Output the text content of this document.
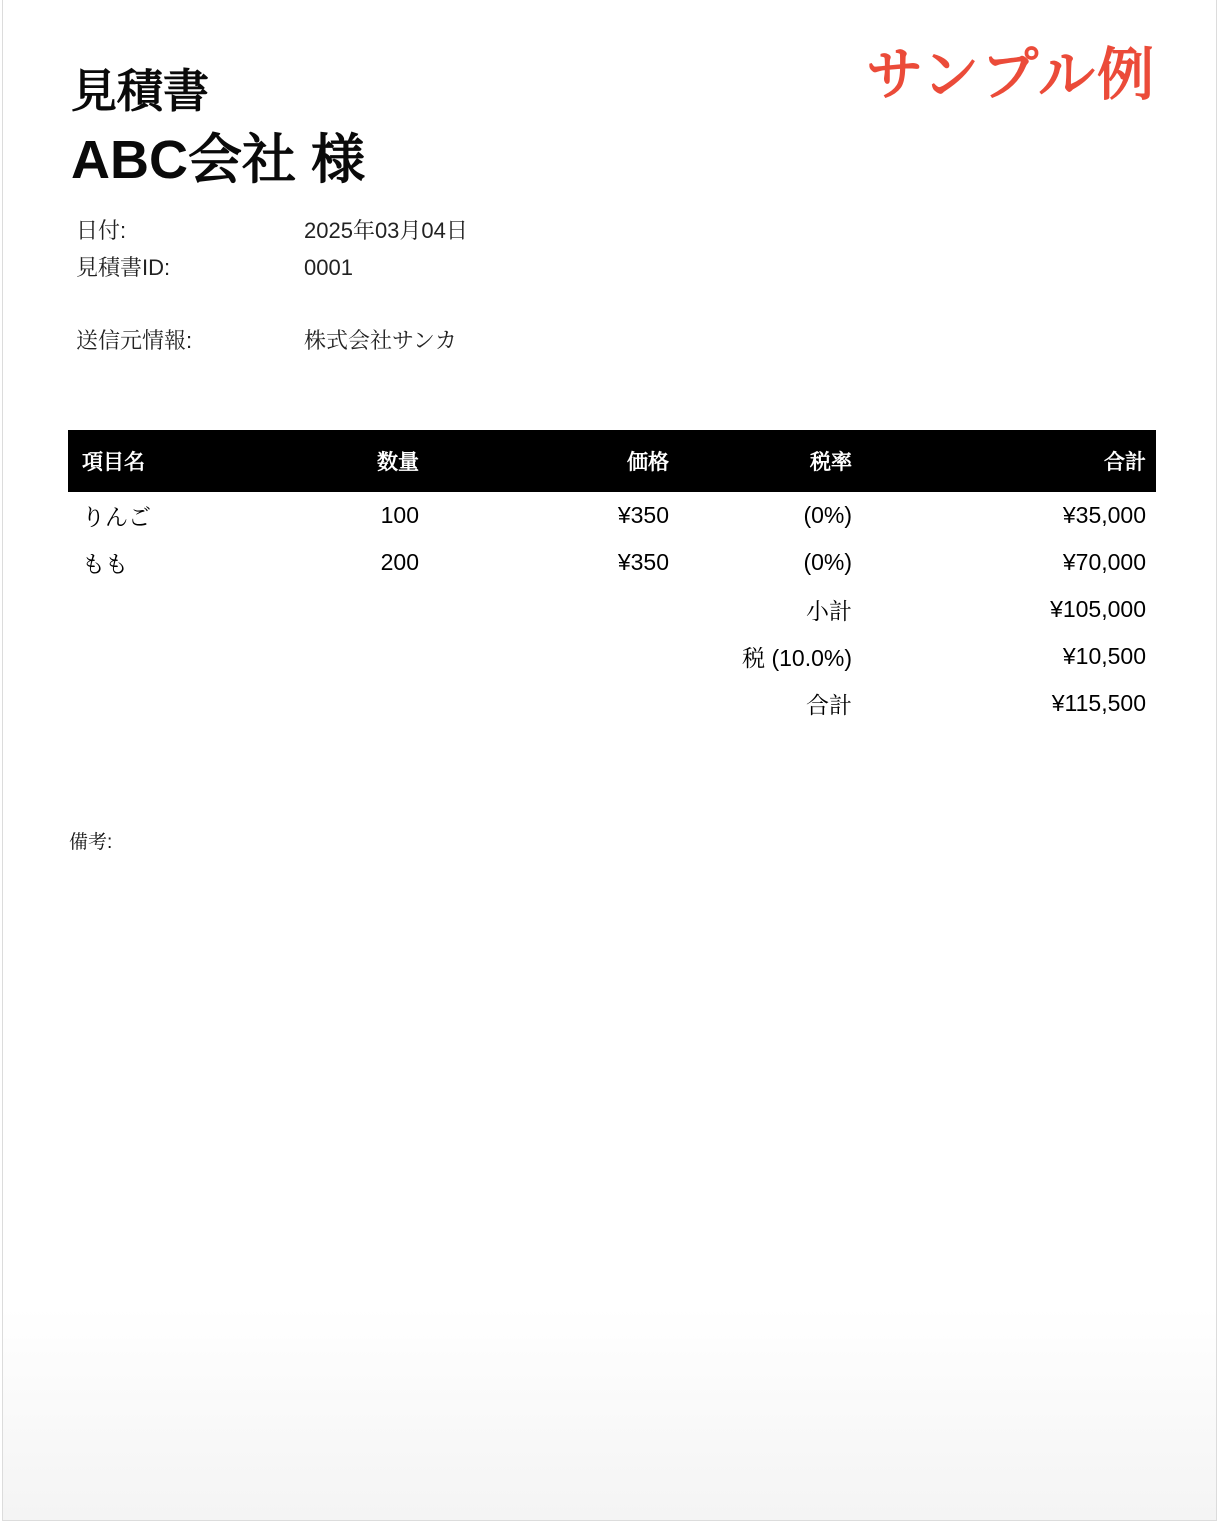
サンプル例
見積書
ABC会社 様
日付:	2025年03月04日
見積書ID:	0001
送信元情報:	株式会社サンカ
項目名	数量	価格	税率	合計
りんご	100	¥350	(0%)	¥35,000
もも	200	¥350	(0%)	¥70,000
			小計	¥105,000
			税 (10.0%)	¥10,500
			合計	¥115,500
備考:
